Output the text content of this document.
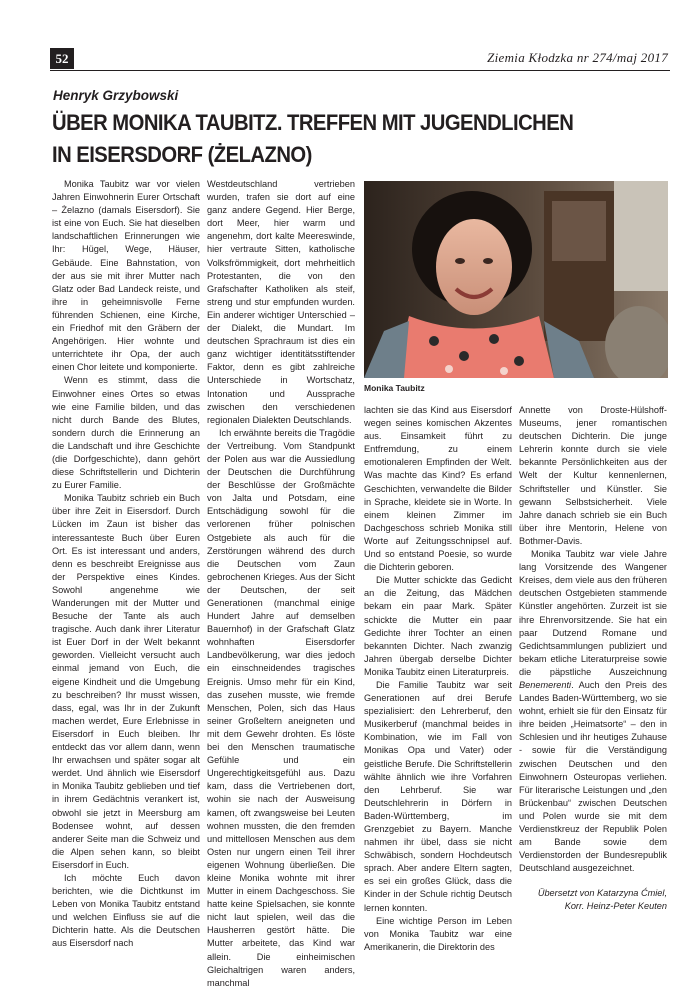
52	Ziemia Kłodzka nr 274/maj 2017
Henryk Grzybowski
ÜBER MONIKA TAUBITZ. TREFFEN MIT JUGENDLICHEN
IN EISERSDORF (ŻELAZNO)

Monika Taubitz war vor vielen Jahren Einwohnerin Eurer Ortschaft – Żelazno (damals Eisersdorf). Sie ist eine von Euch. Sie hat dieselben landschaftlichen Erinnerungen wie Ihr: Hügel, Wege, Häuser, Gebäude. Eine Bahnstation, von der aus sie mit ihrer Mutter nach Glatz oder Bad Landeck reiste, und ihre in geheimnisvolle Ferne führenden Schienen, eine Kirche, ein Friedhof mit den Gräbern der Angehörigen. Hier wohnte und unterrichtete ihr Opa, der auch einen Chor leitete und komponierte.

Wenn es stimmt, dass die Einwohner eines Ortes so etwas wie eine Familie bilden, und das nicht durch Bande des Blutes, sondern durch die Erinnerung an die Landschaft und ihre Geschichte (die Dorfgeschichte), dann gehört diese Schriftstellerin und Dichterin zu Eurer Familie.

Monika Taubitz schrieb ein Buch über ihre Zeit in Eisersdorf. Durch Lücken im Zaun ist bisher das interessanteste Buch über Euren Ort. Es ist interessant und anders, denn es beschreibt Ereignisse aus der Perspektive eines Kindes. Sowohl angenehme wie Wanderungen mit der Mutter und Besuche der Tante als auch tragische. Auch dank ihrer Literatur ist Euer Dorf in der Welt bekannt geworden. Vielleicht versucht auch einmal jemand von Euch, die eigene Kindheit und die Umgebung zu beschreiben? Ihr musst wissen, dass, egal, was Ihr in der Zukunft machen werdet, Eure Erlebnisse in Eisersdorf in Euch bleiben. Ihr entdeckt das vor allem dann, wenn Ihr erwachsen und später sogar alt werdet. Und ähnlich wie Eisersdorf in Monika Taubitz geblieben und tief in ihrem Gedächtnis verankert ist, obwohl sie jetzt in Meersburg am Bodensee wohnt, auf dessen anderer Seite man die Schweiz und die Alpen sehen kann, so bleibt Eisersdorf in Euch.

Ich möchte Euch davon berichten, wie die Dichtkunst im Leben von Monika Taubitz entstand und welchen Einfluss sie auf die Dichterin hatte. Als die Deutschen aus Eisersdorf nach

Westdeutschland vertrieben wurden, trafen sie dort auf eine ganz andere Gegend. Hier Berge, dort Meer, hier warm und angenehm, dort kalte Meereswinde, hier vertraute Sitten, katholische Volksfrömmigkeit, dort mehrheitlich Protestanten, die von den Grafschafter Katholiken als steif, streng und stur empfunden wurden. Ein anderer wichtiger Unterschied – der Dialekt, die Mundart. Im deutschen Sprachraum ist dies ein ganz wichtiger identitätsstiftender Faktor, denn es gibt zahlreiche Unterschiede in Wortschatz, Intonation und Aussprache zwischen den verschiedenen regionalen Dialekten Deutschlands.

Ich erwähnte bereits die Tragödie der Vertreibung. Vom Standpunkt der Polen aus war die Aussiedlung der Deutschen die Durchführung der Beschlüsse der Großmächte von Jalta und Potsdam, eine Entschädigung sowohl für die verlorenen früher polnischen Ostgebiete als auch für die Zerstörungen während des durch die Deutschen vom Zaun gebrochenen Krieges. Aus der Sicht der Deutschen, der seit Generationen (manchmal einige Hundert Jahre auf demselben Bauernhof) in der Grafschaft Glatz wohnhaften Eisersdorfer Landbevölkerung, war dies jedoch ein einschneidendes tragisches Ereignis. Umso mehr für ein Kind, das zusehen musste, wie fremde Menschen, Polen, sich das Haus seiner Großeltern aneigneten und mit dem Gewehr drohten. Es löste bei den Menschen traumatische Gefühle und ein Ungerechtigkeitsgefühl aus. Dazu kam, dass die Vertriebenen dort, wohin sie nach der Ausweisung kamen, oft zwangsweise bei Leuten wohnen mussten, die den fremden und mittellosen Menschen aus dem Osten nur ungern einen Teil ihrer eigenen Wohnung überließen. Die kleine Monika wohnte mit ihrer Mutter in einem Dachgeschoss. Sie hatte keine Spielsachen, sie konnte nicht laut spielen, weil das die Hausherren gestört hätte. Die Mutter arbeitete, das Kind war allein. Die einheimischen Gleichaltrigen waren anders, manchmal

Monika Taubitz

lachten sie das Kind aus Eisersdorf wegen seines komischen Akzentes aus. Einsamkeit führt zu Entfremdung, zu einem emotionaleren Empfinden der Welt. Was machte das Kind? Es erfand Geschichten, verwandelte die Bilder in Sprache, kleidete sie in Worte. In einem kleinen Zimmer im Dachgeschoss schrieb Monika still Worte auf Zeitungsschnipsel auf. Und so entstand Poesie, so wurde die Dichterin geboren.

Die Mutter schickte das Gedicht an die Zeitung, das Mädchen bekam ein paar Mark. Später schickte die Mutter ein paar Gedichte ihrer Tochter an einen bekannten Dichter. Nach zwanzig Jahren übergab derselbe Dichter Monika Taubitz einen Literaturpreis.

Die Familie Taubitz war seit Generationen auf drei Berufe spezialisiert: den Lehrerberuf, den Musikerberuf (manchmal beides in Kombination, wie im Fall von Monikas Opa und Vater) oder geistliche Berufe. Die Schriftstellerin wählte ähnlich wie ihre Vorfahren den Lehrberuf. Sie war Deutschlehrerin in Dörfern in Baden-Württemberg, im Grenzgebiet zu Bayern. Manche nahmen ihr übel, dass sie nicht Schwäbisch, sondern Hochdeutsch sprach. Aber andere Eltern sagten, es sei ein großes Glück, dass die Kinder in der Schule richtig Deutsch lernen konnten.

Eine wichtige Person im Leben von Monika Taubitz war eine Amerikanerin, die Direktorin des

Annette von Droste-Hülshoff-Museums, jener romantischen deutschen Dichterin. Die junge Lehrerin konnte durch sie viele bekannte Persönlichkeiten aus der Welt der Kultur kennenlernen, Schriftsteller und Künstler. Sie gewann Selbstsicherheit. Viele Jahre danach schrieb sie ein Buch über ihre Mentorin, Helene von Bothmer-Davis.

Monika Taubitz war viele Jahre lang Vorsitzende des Wangener Kreises, dem viele aus den früheren deutschen Ostgebieten stammende Künstler angehörten. Zurzeit ist sie ihre Ehrenvorsitzende. Sie hat ein paar Dutzend Romane und Gedichtsammlungen publiziert und bekam etliche Literaturpreise sowie die päpstliche Auszeichnung Benemerenti. Auch den Preis des Landes Baden-Württemberg, wo sie wohnt, erhielt sie für den Einsatz für ihre beiden „Heimatsorte“ – den in Schlesien und ihr heutiges Zuhause - sowie für die Verständigung zwischen Deutschen und den Einwohnern Osteuropas verliehen. Für literarische Leistungen und „den Brückenbau“ zwischen Deutschen und Polen wurde sie mit dem Verdienstkreuz der Republik Polen am Bande sowie dem Verdienstorden der Bundesrepublik Deutschland ausgezeichnet.

Übersetzt von Katarzyna Ćmiel,
Korr. Heinz-Peter Keuten
